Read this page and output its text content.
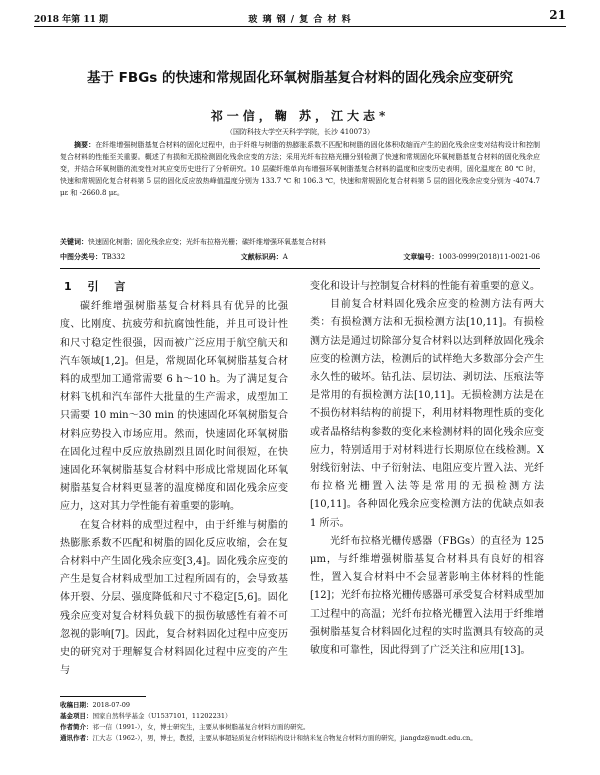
2018 年第 11 期	玻 璃 钢 / 复 合 材 料	21
基于 FBGs 的快速和常规固化环氧树脂基复合材料的固化残余应变研究
祁一信，鞠 苏，江大志*
（国防科技大学空天科学学院，长沙 410073）
摘要：在纤维增强树脂基复合材料的固化过程中，由于纤维与树脂的热膨胀系数不匹配和树脂的固化体积收缩而产生的固化残余应变对结构设计和控制复合材料的性能至关重要。概述了有损和无损检测固化残余应变的方法；采用光纤布拉格光栅分别检测了快速和常规固化环氧树脂基复合材料的固化残余应变，并结合环氧树脂的流变性对其应变历史进行了分析研究。10 层碳纤维单向布增强环氧树脂基复合材料的温度和应变历史表明，固化温度在 80 ℃ 时，快速和常规固化复合材料第 5 层的固化反应放热峰值温度分别为 133.7 ℃ 和 106.3 ℃，快速和常规固化复合材料第 5 层的固化残余应变分别为 -4074.7 με 和 -2660.8 με。
关键词：快速固化树脂；固化残余应变；光纤布拉格光栅；碳纤维增强环氧基复合材料
中图分类号：TB332	文献标识码：A	文章编号：1003-0999(2018)11-0021-06
1 引 言

碳纤维增强树脂基复合材料具有优异的比强度、比刚度、抗疲劳和抗腐蚀性能，并且可设计性和尺寸稳定性很强，因而被广泛应用于航空航天和汽车领域[1,2]。但是，常规固化环氧树脂基复合材料的成型加工通常需要 6 h～10 h。为了满足复合材料飞机和汽车部件大批量的生产需求，成型加工只需要 10 min～30 min 的快速固化环氧树脂复合材料应势投入市场应用。然而，快速固化环氧树脂在固化过程中反应放热剧烈且固化时间很短，在快速固化环氧树脂基复合材料中形成比常规固化环氧树脂基复合材料更显著的温度梯度和固化残余应变应力，这对其力学性能有着重要的影响。

在复合材料的成型过程中，由于纤维与树脂的热膨胀系数不匹配和树脂的固化反应收缩，会在复合材料中产生固化残余应变[3,4]。固化残余应变的产生是复合材料成型加工过程所固有的，会导致基体开裂、分层、强度降低和尺寸不稳定[5,6]。固化残余应变对复合材料负载下的损伤敏感性有着不可忽视的影响[7]。因此，复合材料固化过程中应变历史的研究对于理解复合材料固化过程中应变的产生与

变化和设计与控制复合材料的性能有着重要的意义。

目前复合材料固化残余应变的检测方法有两大类：有损检测方法和无损检测方法[10,11]。有损检测方法是通过切除部分复合材料以达到释放固化残余应变的检测方法，检测后的试样绝大多数部分会产生永久性的破坏。钻孔法、层切法、剥切法、压痕法等是常用的有损检测方法[10,11]。无损检测方法是在不损伤材料结构的前提下，利用材料物理性质的变化或者晶格结构参数的变化来检测材料的固化残余应变应力，特别适用于对材料进行长期原位在线检测。X 射线衍射法、中子衍射法、电阻应变片置入法、光纤布拉格光栅置入法等是常用的无损检测方法[10,11]。各种固化残余应变检测方法的优缺点如表 1 所示。

光纤布拉格光栅传感器（FBGs）的直径为 125 μm，与纤维增强树脂基复合材料具有良好的相容性，置入复合材料中不会显著影响主体材料的性能[12]；光纤布拉格光栅传感器可承受复合材料成型加工过程中的高温；光纤布拉格光栅置入法用于纤维增强树脂基复合材料固化过程的实时监测具有较高的灵敏度和可靠性，因此得到了广泛关注和应用[13]。

收稿日期：2018-07-09
基金项目：国家自然科学基金（U1537101，11202231）
作者简介：祁一信（1991-），女，博士研究生，主要从事树脂基复合材料方面的研究。
通讯作者：江大志（1962-），男，博士，教授，主要从事超轻质复合材料结构设计和纳米复合物复合材料方面的研究，jiangdz@nudt.edu.cn。
